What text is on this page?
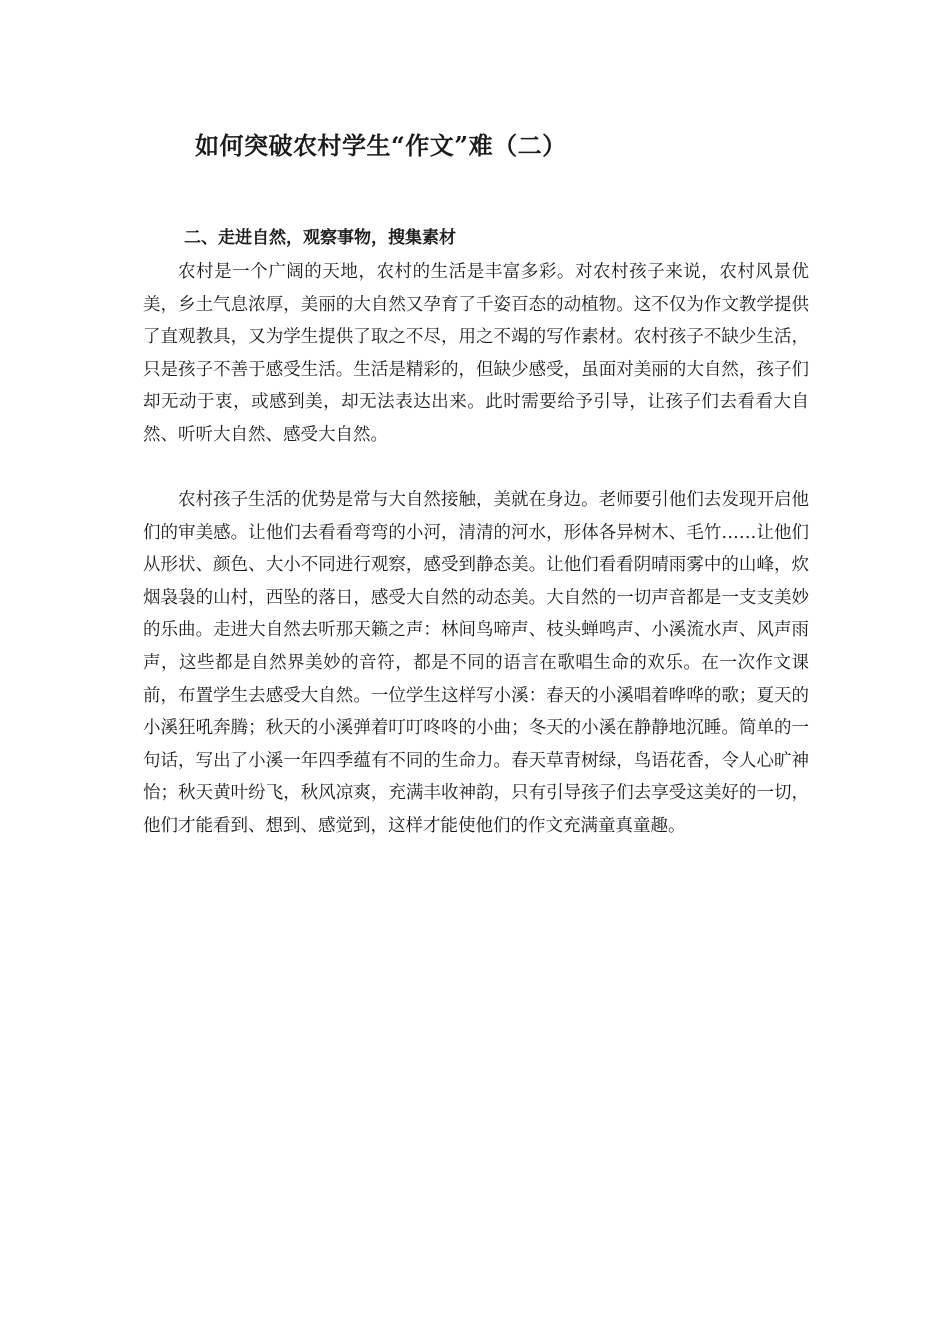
如何突破农村学生“作文”难（二）
二、走进自然，观察事物，搜集素材

农村是一个广阔的天地，农村的生活是丰富多彩。对农村孩子来说，农村风景优美，乡土气息浓厚，美丽的大自然又孕育了千姿百态的动植物。这不仅为作文教学提供了直观教具，又为学生提供了取之不尽，用之不竭的写作素材。农村孩子不缺少生活，只是孩子不善于感受生活。生活是精彩的，但缺少感受，虽面对美丽的大自然，孩子们却无动于衷，或感到美，却无法表达出来。此时需要给予引导，让孩子们去看看大自然、听听大自然、感受大自然。

农村孩子生活的优势是常与大自然接触，美就在身边。老师要引他们去发现开启他们的审美感。让他们去看看弯弯的小河，清清的河水，形体各异树木、毛竹……让他们从形状、颜色、大小不同进行观察，感受到静态美。让他们看看阴晴雨雾中的山峰，炊烟袅袅的山村，西坠的落日，感受大自然的动态美。大自然的一切声音都是一支支美妙的乐曲。走进大自然去听那天籁之声：林间鸟啼声、枝头蝉鸣声、小溪流水声、风声雨声，这些都是自然界美妙的音符，都是不同的语言在歌唱生命的欢乐。在一次作文课前，布置学生去感受大自然。一位学生这样写小溪：春天的小溪唱着哗哗的歌；夏天的小溪狂吼奔腾；秋天的小溪弹着叮叮咚咚的小曲；冬天的小溪在静静地沉睡。简单的一句话，写出了小溪一年四季蕴有不同的生命力。春天草青树绿，鸟语花香，令人心旷神怡；秋天黄叶纷飞，秋风凉爽，充满丰收神韵，只有引导孩子们去享受这美好的一切，他们才能看到、想到、感觉到，这样才能使他们的作文充满童真童趣。
